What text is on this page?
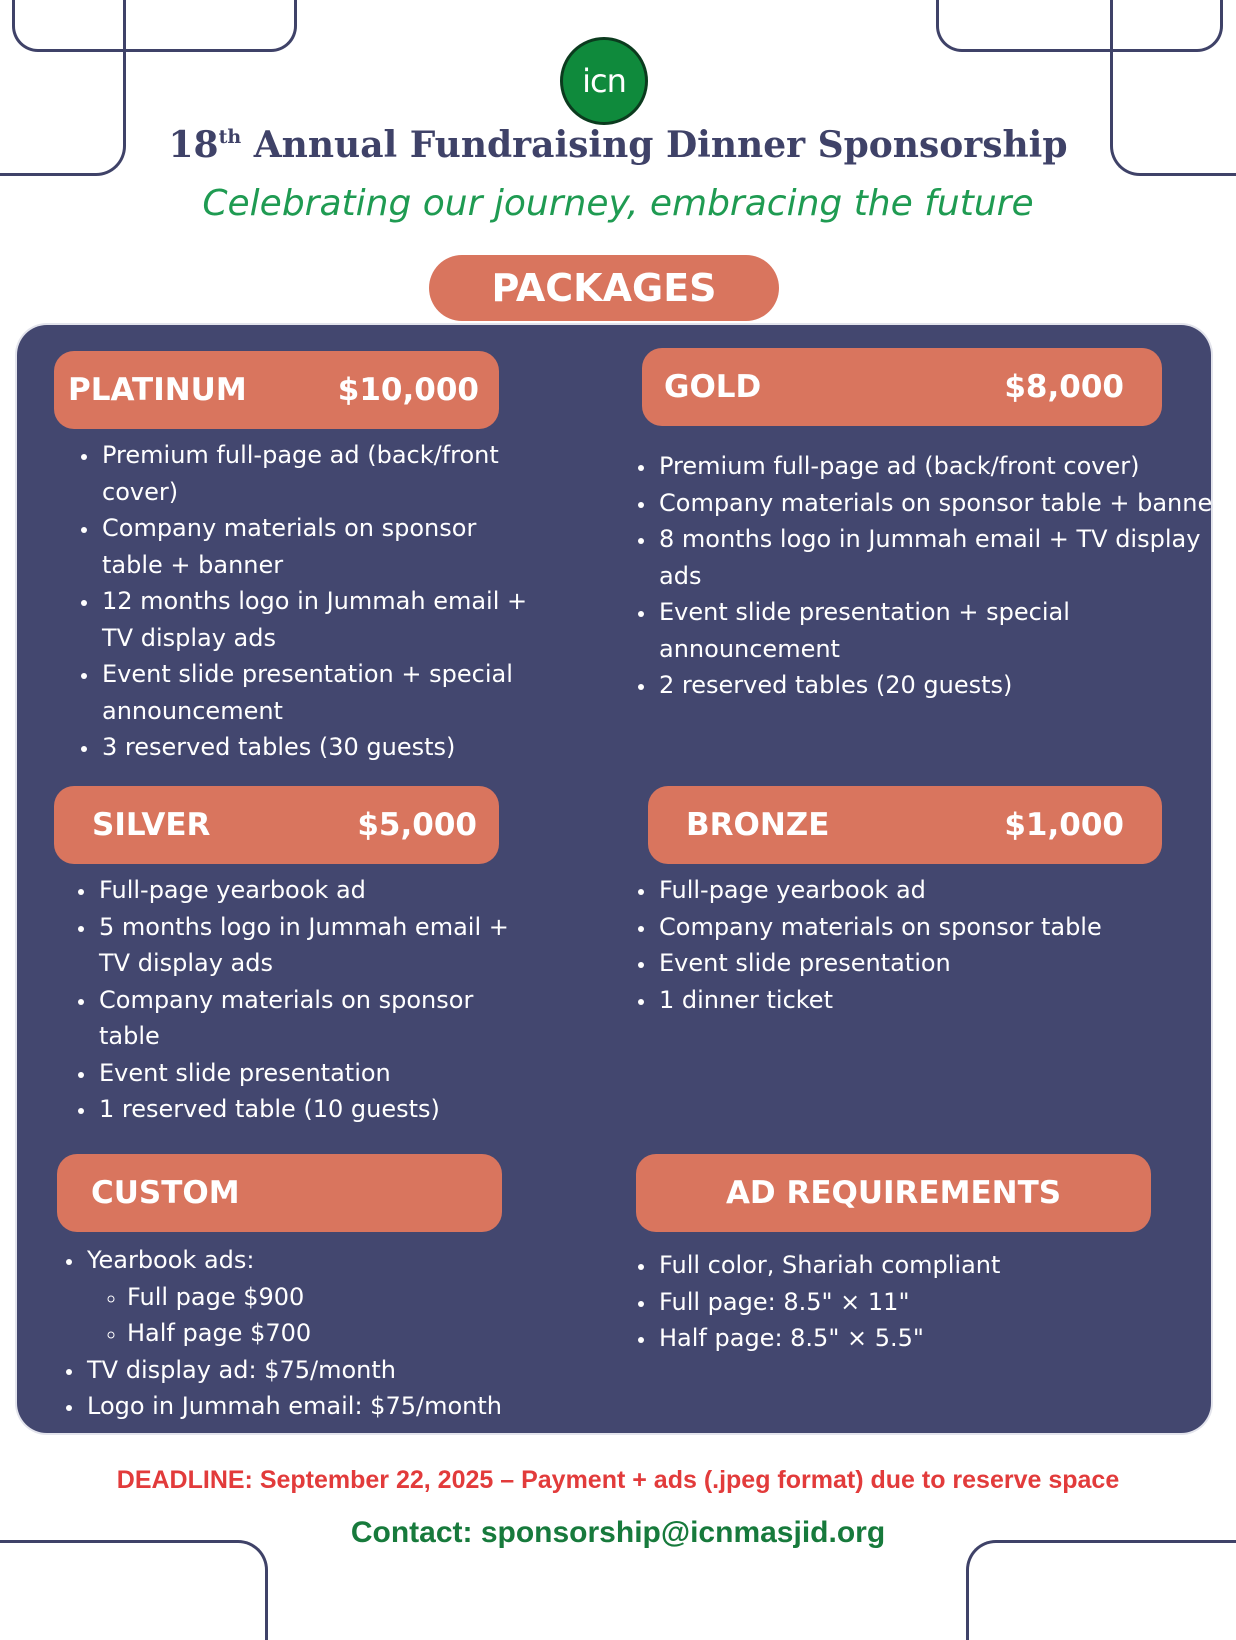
icn
18th Annual Fundraising Dinner Sponsorship
Celebrating our journey, embracing the future
PACKAGES
PLATINUM	$10,000
• Premium full-page ad (back/front cover)
• Company materials on sponsor table + banner
• 12 months logo in Jummah email + TV display ads
• Event slide presentation + special announcement
• 3 reserved tables (30 guests)
GOLD	$8,000
• Premium full-page ad (back/front cover)
• Company materials on sponsor table + banner
• 8 months logo in Jummah email + TV display ads
• Event slide presentation + special announcement
• 2 reserved tables (20 guests)
SILVER	$5,000
• Full-page yearbook ad
• 5 months logo in Jummah email + TV display ads
• Company materials on sponsor table
• Event slide presentation
• 1 reserved table (10 guests)
BRONZE	$1,000
• Full-page yearbook ad
• Company materials on sponsor table
• Event slide presentation
• 1 dinner ticket
CUSTOM
• Yearbook ads:
◦ Full page $900
◦ Half page $700
• TV display ad: $75/month
• Logo in Jummah email: $75/month
AD REQUIREMENTS
• Full color, Shariah compliant
• Full page: 8.5" × 11"
• Half page: 8.5" × 5.5"
DEADLINE: September 22, 2025 – Payment + ads (.jpeg format) due to reserve space
Contact: sponsorship@icnmasjid.org
